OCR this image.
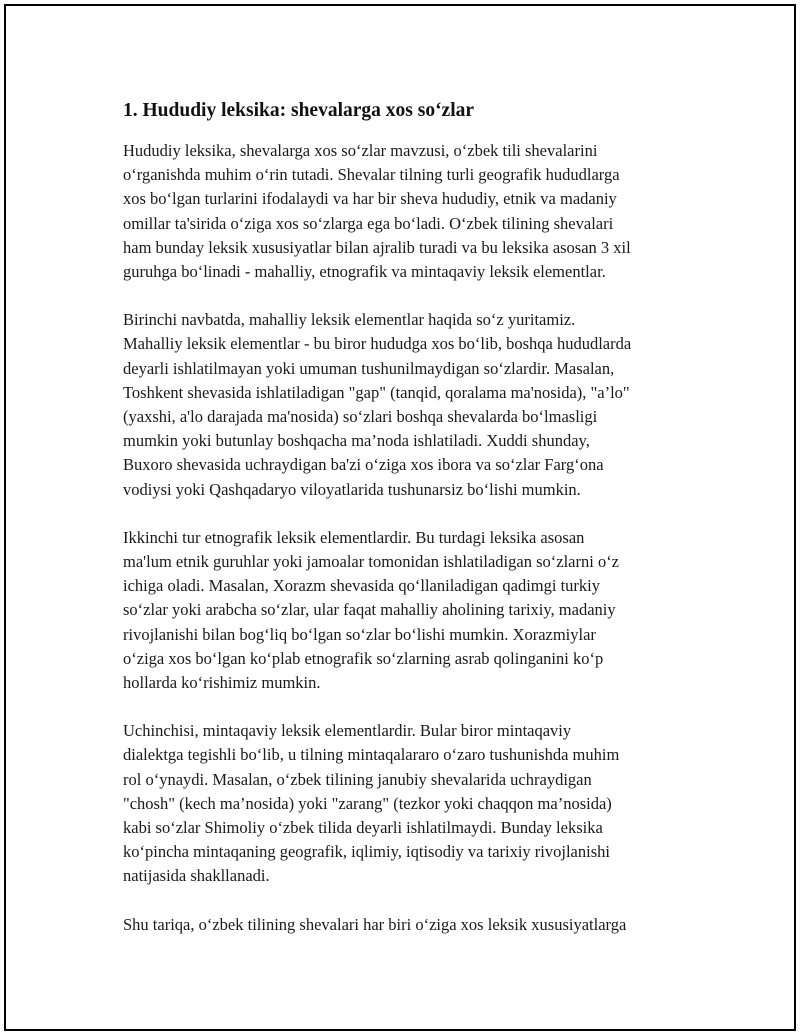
1. Hududiy leksika: shevalarga xos so‘zlar

Hududiy leksika, shevalarga xos so‘zlar mavzusi, o‘zbek tili shevalarini
o‘rganishda muhim o‘rin tutadi. Shevalar tilning turli geografik hududlarga
xos bo‘lgan turlarini ifodalaydi va har bir sheva hududiy, etnik va madaniy
omillar ta'sirida o‘ziga xos so‘zlarga ega bo‘ladi. O‘zbek tilining shevalari
ham bunday leksik xususiyatlar bilan ajralib turadi va bu leksika asosan 3 xil
guruhga bo‘linadi - mahalliy, etnografik va mintaqaviy leksik elementlar.

Birinchi navbatda, mahalliy leksik elementlar haqida so‘z yuritamiz.
Mahalliy leksik elementlar - bu biror hududga xos bo‘lib, boshqa hududlarda
deyarli ishlatilmayan yoki umuman tushunilmaydigan so‘zlardir. Masalan,
Toshkent shevasida ishlatiladigan "gap" (tanqid, qoralama ma'nosida), "a’lo"
(yaxshi, a'lo darajada ma'nosida) so‘zlari boshqa shevalarda bo‘lmasligi
mumkin yoki butunlay boshqacha ma’noda ishlatiladi. Xuddi shunday,
Buxoro shevasida uchraydigan ba'zi o‘ziga xos ibora va so‘zlar Farg‘ona
vodiysi yoki Qashqadaryo viloyatlarida tushunarsiz bo‘lishi mumkin.

Ikkinchi tur etnografik leksik elementlardir. Bu turdagi leksika asosan
ma'lum etnik guruhlar yoki jamoalar tomonidan ishlatiladigan so‘zlarni o‘z
ichiga oladi. Masalan, Xorazm shevasida qo‘llaniladigan qadimgi turkiy
so‘zlar yoki arabcha so‘zlar, ular faqat mahalliy aholining tarixiy, madaniy
rivojlanishi bilan bog‘liq bo‘lgan so‘zlar bo‘lishi mumkin. Xorazmiylar
o‘ziga xos bo‘lgan ko‘plab etnografik so‘zlarning asrab qolinganini ko‘p
hollarda ko‘rishimiz mumkin.

Uchinchisi, mintaqaviy leksik elementlardir. Bular biror mintaqaviy
dialektga tegishli bo‘lib, u tilning mintaqalararo o‘zaro tushunishda muhim
rol o‘ynaydi. Masalan, o‘zbek tilining janubiy shevalarida uchraydigan
"chosh" (kech ma’nosida) yoki "zarang" (tezkor yoki chaqqon ma’nosida)
kabi so‘zlar Shimoliy o‘zbek tilida deyarli ishlatilmaydi. Bunday leksika
ko‘pincha mintaqaning geografik, iqlimiy, iqtisodiy va tarixiy rivojlanishi
natijasida shakllanadi.

Shu tariqa, o‘zbek tilining shevalari har biri o‘ziga xos leksik xususiyatlarga
